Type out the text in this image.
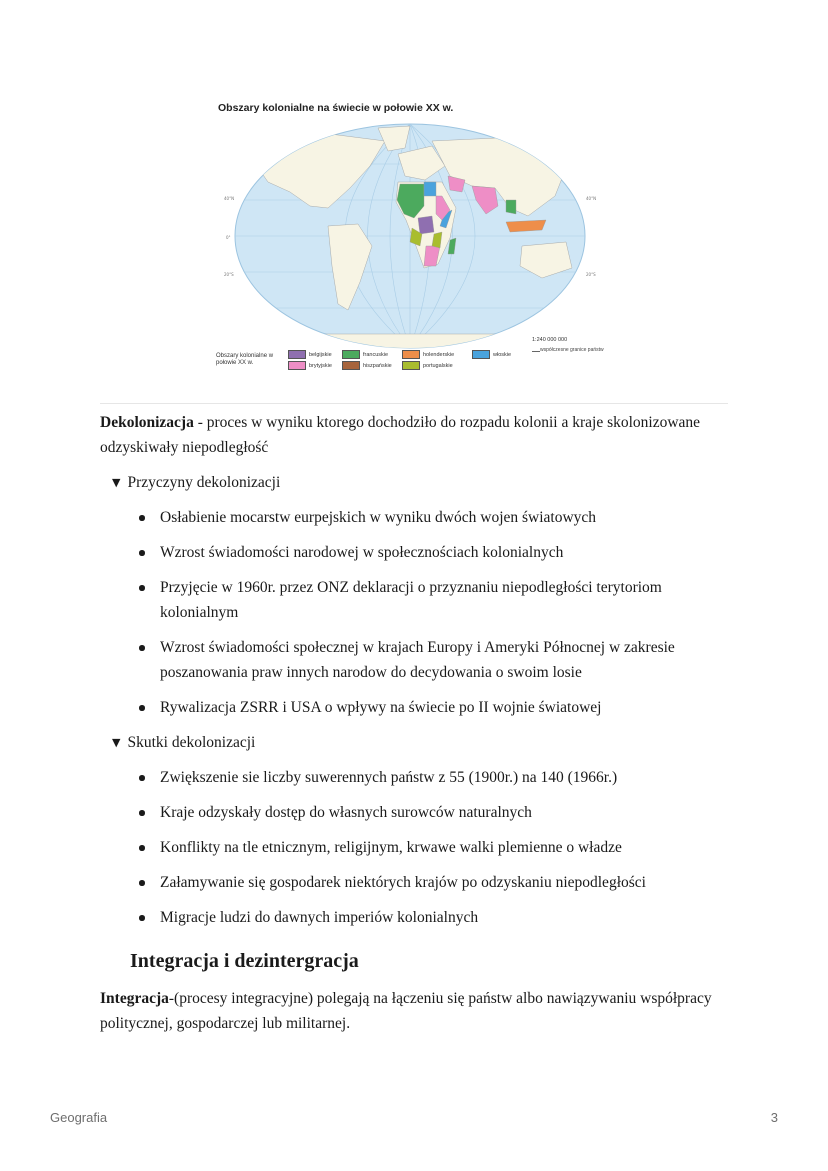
40°N
0°
20°S
40°N
20°S
Obszary kolonialne na świecie w połowie XX w.
1:240 000 000
współczesne granice państw
Obszary kolonialne w połowie XX w.
belgijskie	francuskie	holenderskie	włoskie
brytyjskie	hiszpańskie	portugalskie

Dekolonizacja - proces w wyniku ktorego dochodziło do rozpadu kolonii a kraje skolonizowane odzyskiwały niepodległość

▼ Przyczyny dekolonizacji
Osłabienie mocarstw eurpejskich w wyniku dwóch wojen światowych
Wzrost świadomości narodowej w społecznościach kolonialnych
Przyjęcie w 1960r. przez ONZ deklaracji o przyznaniu niepodległości terytoriom kolonialnym
Wzrost świadomości społecznej w krajach Europy i Ameryki Północnej w zakresie poszanowania praw innych narodow do decydowania o swoim losie
Rywalizacja ZSRR i USA o wpływy na świecie po II wojnie światowej
▼ Skutki dekolonizacji
Zwiększenie sie liczby suwerennych państw z 55 (1900r.) na 140 (1966r.)
Kraje odzyskały dostęp do własnych surowców naturalnych
Konflikty na tle etnicznym, religijnym, krwawe walki plemienne o władze
Załamywanie się gospodarek niektórych krajów po odzyskaniu niepodległości
Migracje ludzi do dawnych imperiów kolonialnych
Integracja i dezintergracja

Integracja-(procesy integracyjne) polegają na łączeniu się państw albo nawiązywaniu współpracy politycznej, gospodarczej lub militarnej.

Geografia	3
